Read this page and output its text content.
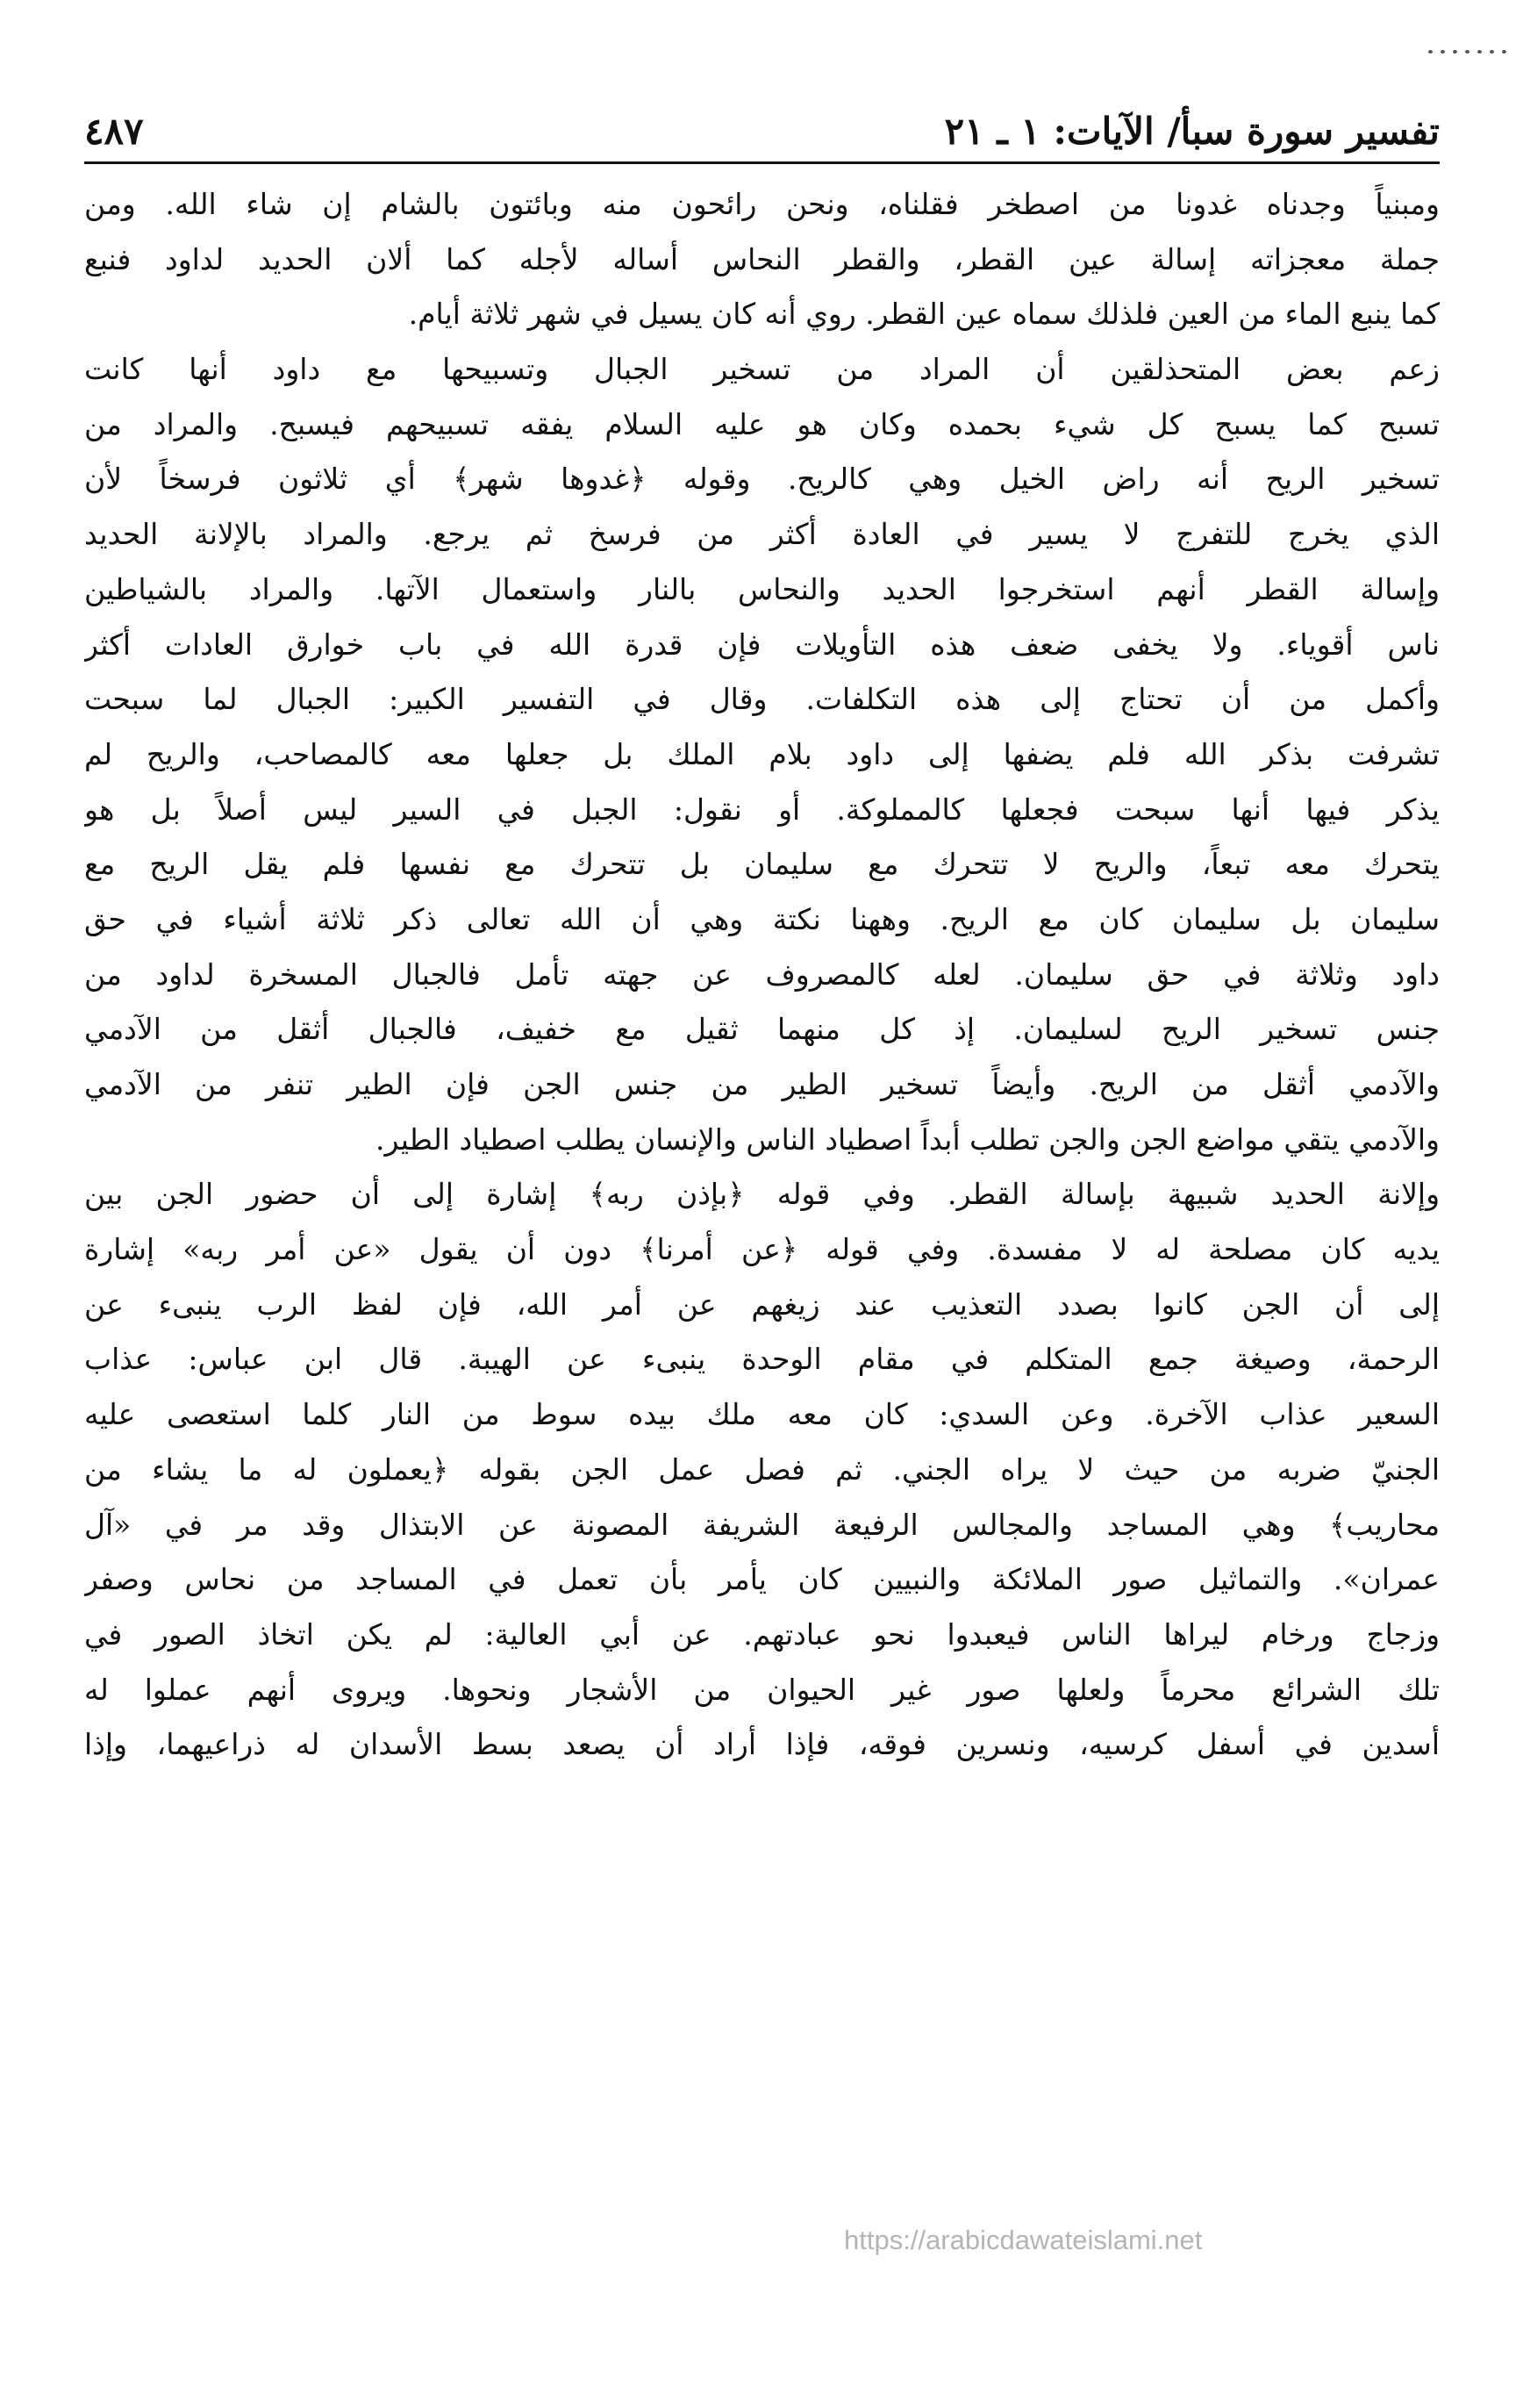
تفسير سورة سبأ/ الآيات: ١ ـ ٢١
٤٨٧
ومبنياً وجدناه غدونا من اصطخر فقلناه، ونحن رائحون منه وبائتون بالشام إن شاء الله. ومن
جملة معجزاته إسالة عين القطر، والقطر النحاس أساله لأجله كما ألان الحديد لداود فنبع
كما ينبع الماء من العين فلذلك سماه عين القطر. روي أنه كان يسيل في شهر ثلاثة أيام.
زعم بعض المتحذلقين أن المراد من تسخير الجبال وتسبيحها مع داود أنها كانت
تسبح كما يسبح كل شيء بحمده وكان هو عليه السلام يفقه تسبيحهم فيسبح. والمراد من
تسخير الريح أنه راض الخيل وهي كالريح. وقوله ﴿غدوها شهر﴾ أي ثلاثون فرسخاً لأن
الذي يخرج للتفرج لا يسير في العادة أكثر من فرسخ ثم يرجع. والمراد بالإلانة الحديد
وإسالة القطر أنهم استخرجوا الحديد والنحاس بالنار واستعمال الآتها. والمراد بالشياطين
ناس أقوياء. ولا يخفى ضعف هذه التأويلات فإن قدرة الله في باب خوارق العادات أكثر
وأكمل من أن تحتاج إلى هذه التكلفات. وقال في التفسير الكبير: الجبال لما سبحت
تشرفت بذكر الله فلم يضفها إلى داود بلام الملك بل جعلها معه كالمصاحب، والريح لم
يذكر فيها أنها سبحت فجعلها كالمملوكة. أو نقول: الجبل في السير ليس أصلاً بل هو
يتحرك معه تبعاً، والريح لا تتحرك مع سليمان بل تتحرك مع نفسها فلم يقل الريح مع
سليمان بل سليمان كان مع الريح. وههنا نكتة وهي أن الله تعالى ذكر ثلاثة أشياء في حق
داود وثلاثة في حق سليمان. لعله كالمصروف عن جهته تأمل فالجبال المسخرة لداود من
جنس تسخير الريح لسليمان. إذ كل منهما ثقيل مع خفيف، فالجبال أثقل من الآدمي
والآدمي أثقل من الريح. وأيضاً تسخير الطير من جنس الجن فإن الطير تنفر من الآدمي
والآدمي يتقي مواضع الجن والجن تطلب أبداً اصطياد الناس والإنسان يطلب اصطياد الطير.
وإلانة الحديد شبيهة بإسالة القطر. وفي قوله ﴿بإذن ربه﴾ إشارة إلى أن حضور الجن بين
يديه كان مصلحة له لا مفسدة. وفي قوله ﴿عن أمرنا﴾ دون أن يقول «عن أمر ربه» إشارة
إلى أن الجن كانوا بصدد التعذيب عند زيغهم عن أمر الله، فإن لفظ الرب ينبىء عن
الرحمة، وصيغة جمع المتكلم في مقام الوحدة ينبىء عن الهيبة. قال ابن عباس: عذاب
السعير عذاب الآخرة. وعن السدي: كان معه ملك بيده سوط من النار كلما استعصى عليه
الجنيّ ضربه من حيث لا يراه الجني. ثم فصل عمل الجن بقوله ﴿يعملون له ما يشاء من
محاريب﴾ وهي المساجد والمجالس الرفيعة الشريفة المصونة عن الابتذال وقد مر في «آل
عمران». والتماثيل صور الملائكة والنبيين كان يأمر بأن تعمل في المساجد من نحاس وصفر
وزجاج ورخام ليراها الناس فيعبدوا نحو عبادتهم. عن أبي العالية: لم يكن اتخاذ الصور في
تلك الشرائع محرماً ولعلها صور غير الحيوان من الأشجار ونحوها. ويروى أنهم عملوا له
أسدين في أسفل كرسيه، ونسرين فوقه، فإذا أراد أن يصعد بسط الأسدان له ذراعيهما، وإذا
https://arabicdawateislami.net
